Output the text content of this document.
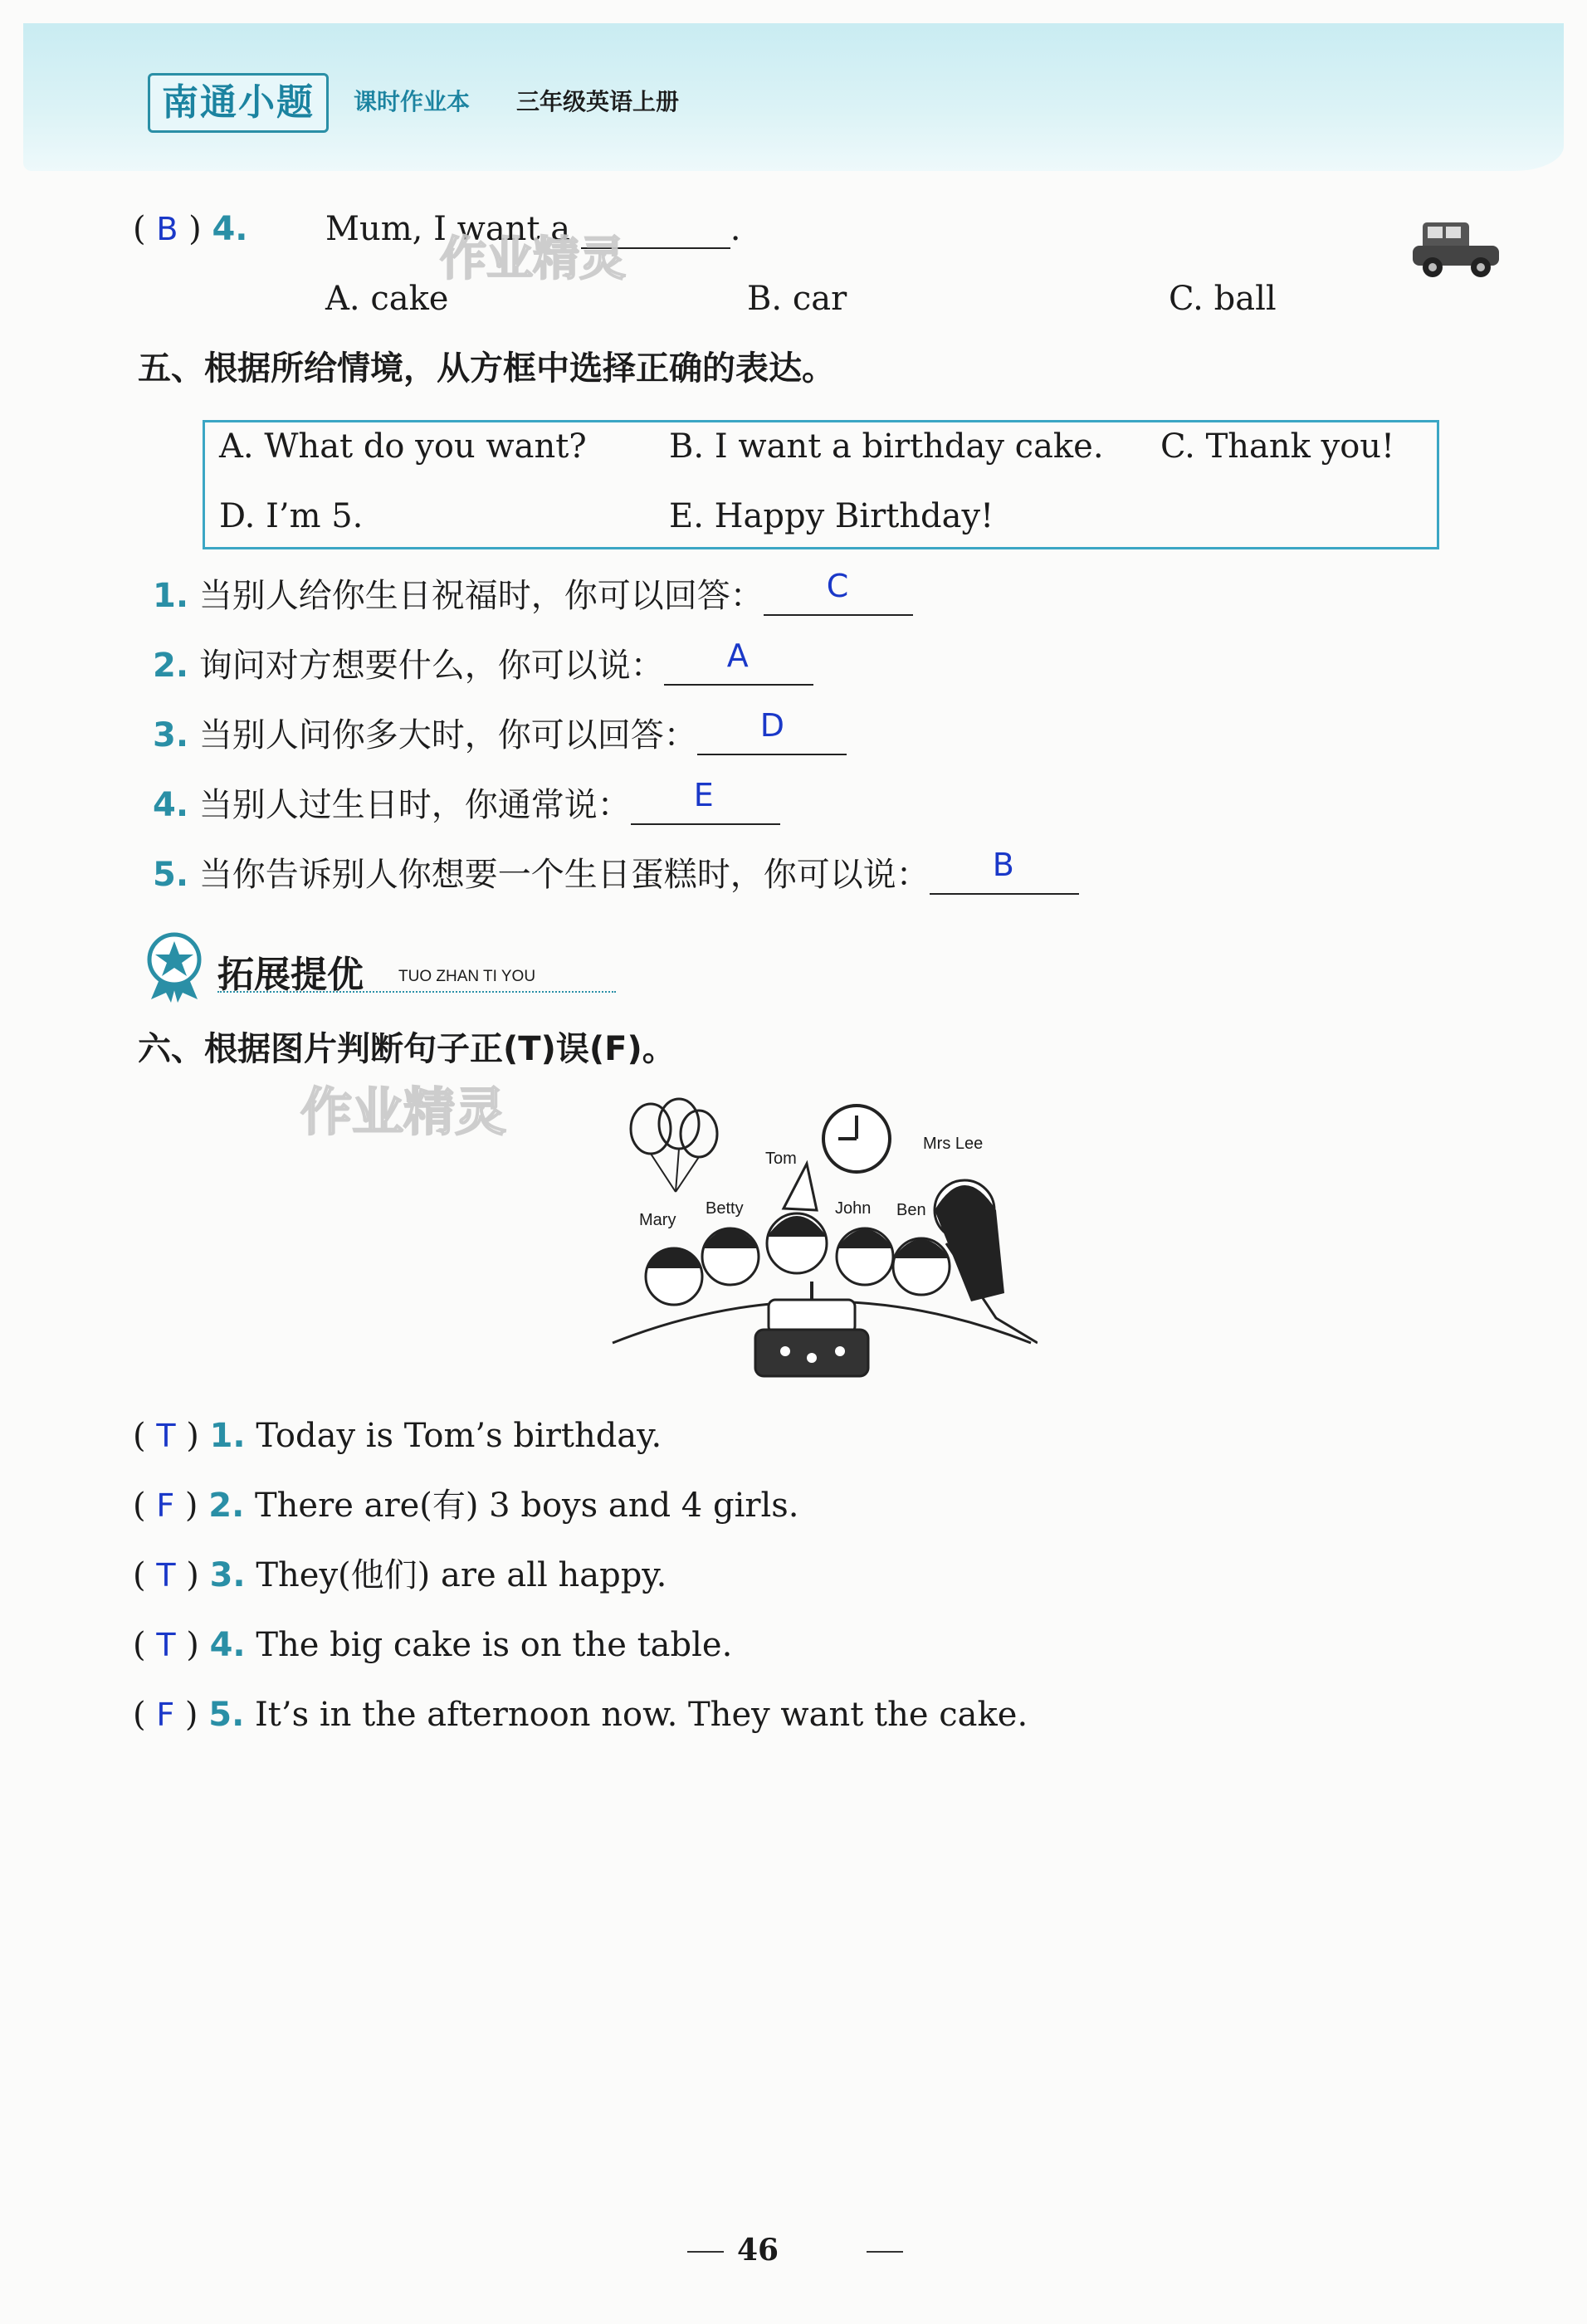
南通小题	课时作业本 三年级英语上册
( B ) 4. Mum, I want a	.
A. cake	B. car	C. ball
作业精灵
五、根据所给情境，从方框中选择正确的表达。
A. What do you want? B. I want a birthday cake. C. Thank you!
D. I’m 5.	E. Happy Birthday!
1. 当别人给你生日祝福时，你可以回答： C
2. 询问对方想要什么，你可以说： A
3. 当别人问你多大时，你可以回答： D
4. 当别人过生日时，你通常说： E
5. 当你告诉别人你想要一个生日蛋糕时，你可以说： B
拓展提优 TUO ZHAN TI YOU
六、根据图片判断句子正(T)误(F)。
作业精灵
Mary
Betty
Tom
John Ben
Mrs Lee
( T ) 1. Today is Tom’s birthday.
( F ) 2. There are(有) 3 boys and 4 girls.
( T ) 3. They(他们) are all happy.
( T ) 4. The big cake is on the table.
( F ) 5. It’s in the afternoon now. They want the cake.
46
